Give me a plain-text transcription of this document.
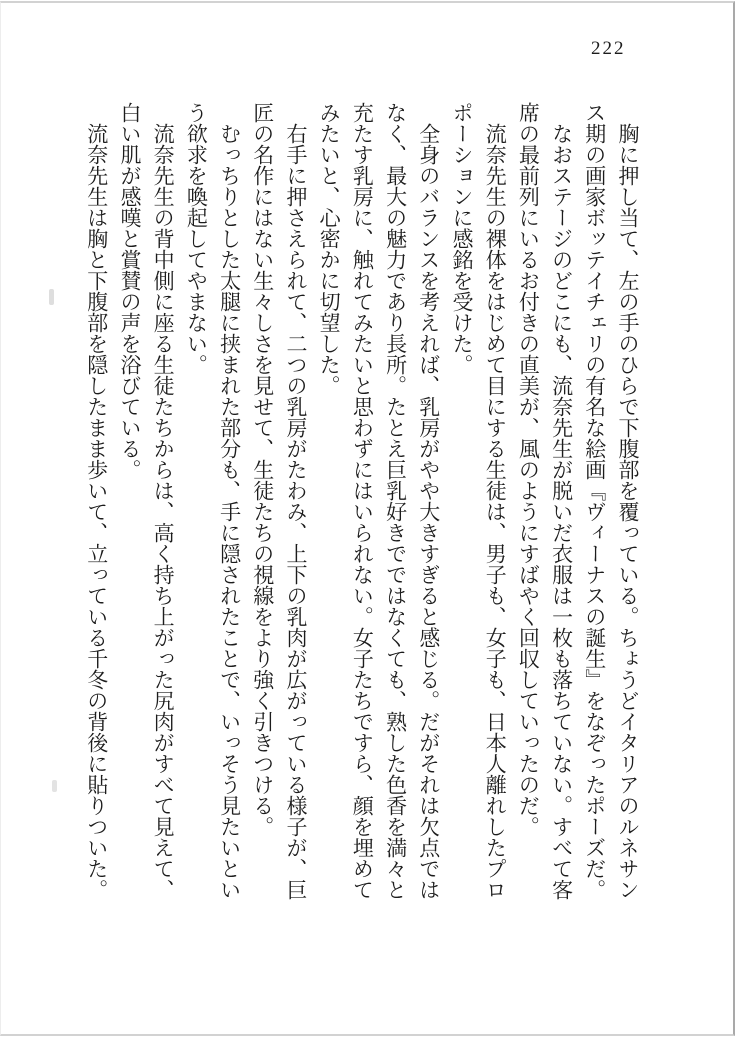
222

胸に押し当て、左の手のひらで下腹部を覆っている。ちょうどイタリアのルネサンス期の画家ボッテイチェリの有名な絵画『ヴィーナスの誕生』をなぞったポーズだ。

なおステージのどこにも、流奈先生が脱いだ衣服は一枚も落ちていない。すべて客席の最前列にいるお付きの直美が、風のようにすばやく回収していったのだ。

流奈先生の裸体をはじめて目にする生徒は、男子も、女子も、日本人離れしたプロポーションに感銘を受けた。

全身のバランスを考えれば、乳房がやや大きすぎると感じる。だがそれは欠点ではなく、最大の魅力であり長所。たとえ巨乳好きでではなくても、熟した色香を満々と充たす乳房に、触れてみたいと思わずにはいられない。女子たちですら、顔を埋めてみたいと、心密かに切望した。

右手に押さえられて、二つの乳房がたわみ、上下の乳肉が広がっている様子が、巨匠の名作にはない生々しさを見せて、生徒たちの視線をより強く引きつける。

むっちりとした太腿に挟まれた部分も、手に隠されたことで、いっそう見たいという欲求を喚起してやまない。

流奈先生の背中側に座る生徒たちからは、高く持ち上がった尻肉がすべて見えて、白い肌が感嘆と賞賛の声を浴びている。

流奈先生は胸と下腹部を隠したまま歩いて、立っている千冬の背後に貼りついた。
